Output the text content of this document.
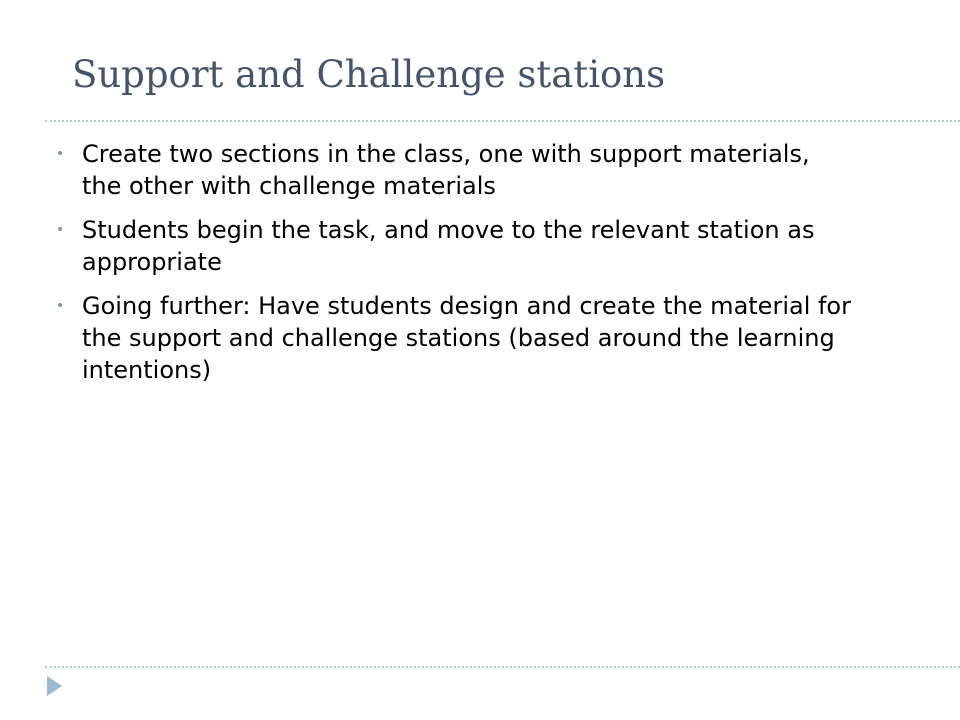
Support and Challenge stations
• Create two sections in the class, one with support materials, the other with challenge materials
• Students begin the task, and move to the relevant station as appropriate
• Going further: Have students design and create the material for the support and challenge stations (based around the learning intentions)
